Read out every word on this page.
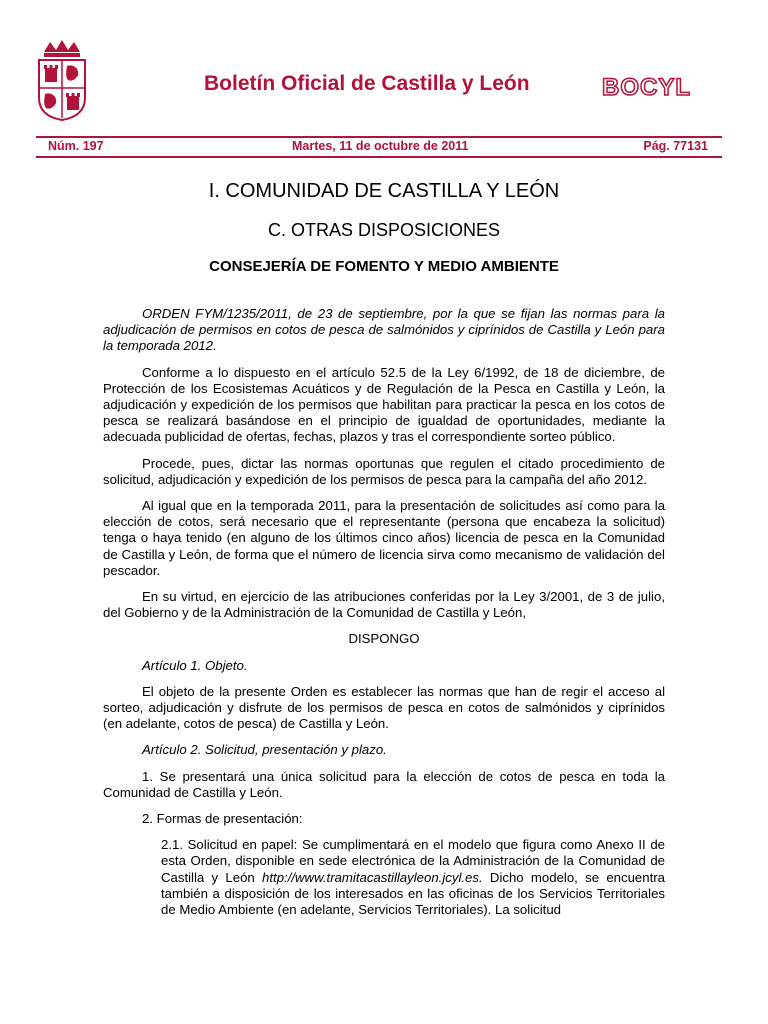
Boletín Oficial de Castilla y León	BOCYL
Núm. 197	Martes, 11 de octubre de 2011	Pág. 77131
I. COMUNIDAD DE CASTILLA Y LEÓN
C. OTRAS DISPOSICIONES
CONSEJERÍA DE FOMENTO Y MEDIO AMBIENTE

ORDEN FYM/1235/2011, de 23 de septiembre, por la que se fijan las normas para la adjudicación de permisos en cotos de pesca de salmónidos y ciprínidos de Castilla y León para la temporada 2012.

Conforme a lo dispuesto en el artículo 52.5 de la Ley 6/1992, de 18 de diciembre, de Protección de los Ecosistemas Acuáticos y de Regulación de la Pesca en Castilla y León, la adjudicación y expedición de los permisos que habilitan para practicar la pesca en los cotos de pesca se realizará basándose en el principio de igualdad de oportunidades, mediante la adecuada publicidad de ofertas, fechas, plazos y tras el correspondiente sorteo público.

Procede, pues, dictar las normas oportunas que regulen el citado procedimiento de solicitud, adjudicación y expedición de los permisos de pesca para la campaña del año 2012.

Al igual que en la temporada 2011, para la presentación de solicitudes así como para la elección de cotos, será necesario que el representante (persona que encabeza la solicitud) tenga o haya tenido (en alguno de los últimos cinco años) licencia de pesca en la Comunidad de Castilla y León, de forma que el número de licencia sirva como mecanismo de validación del pescador.

En su virtud, en ejercicio de las atribuciones conferidas por la Ley 3/2001, de 3 de julio, del Gobierno y de la Administración de la Comunidad de Castilla y León,

DISPONGO

Artículo 1. Objeto.

El objeto de la presente Orden es establecer las normas que han de regir el acceso al sorteo, adjudicación y disfrute de los permisos de pesca en cotos de salmónidos y ciprínidos (en adelante, cotos de pesca) de Castilla y León.

Artículo 2. Solicitud, presentación y plazo.

1. Se presentará una única solicitud para la elección de cotos de pesca en toda la Comunidad de Castilla y León.

2. Formas de presentación:

2.1. Solicitud en papel: Se cumplimentará en el modelo que figura como Anexo II de esta Orden, disponible en sede electrónica de la Administración de la Comunidad de Castilla y León http://www.tramitacastillayleon.jcyl.es. Dicho modelo, se encuentra también a disposición de los interesados en las oficinas de los Servicios Territoriales de Medio Ambiente (en adelante, Servicios Territoriales). La solicitud
